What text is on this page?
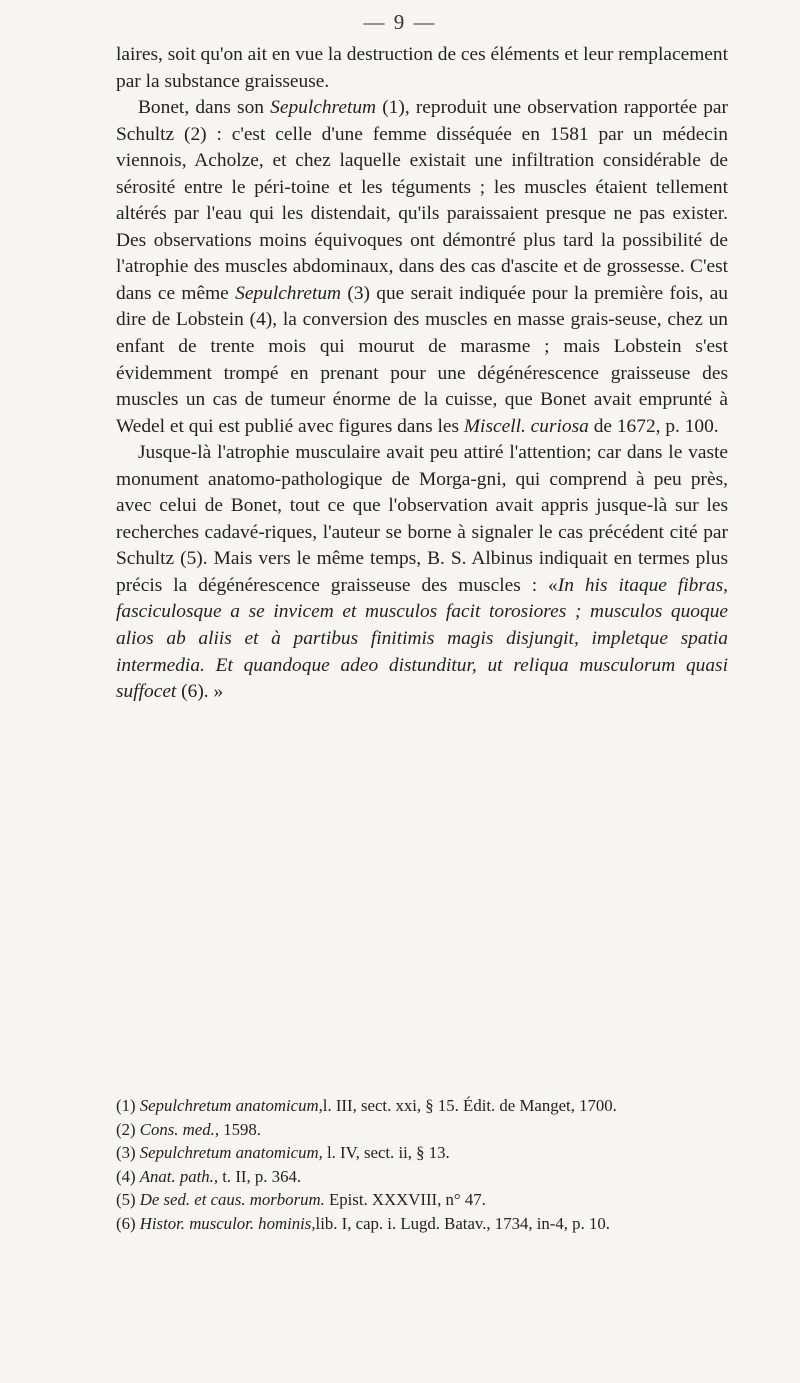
— 9 —

laires, soit qu'on ait en vue la destruction de ces éléments et leur remplacement par la substance graisseuse.

Bonet, dans son Sepulchretum (1), reproduit une observation rapportée par Schultz (2) : c'est celle d'une femme disséquée en 1581 par un médecin viennois, Acholze, et chez laquelle existait une infiltration considérable de sérosité entre le péri-toine et les téguments ; les muscles étaient tellement altérés par l'eau qui les distendait, qu'ils paraissaient presque ne pas exister. Des observations moins équivoques ont démontré plus tard la possibilité de l'atrophie des muscles abdominaux, dans des cas d'ascite et de grossesse. C'est dans ce même Sepulchretum (3) que serait indiquée pour la première fois, au dire de Lobstein (4), la conversion des muscles en masse grais-seuse, chez un enfant de trente mois qui mourut de marasme ; mais Lobstein s'est évidemment trompé en prenant pour une dégénérescence graisseuse des muscles un cas de tumeur énorme de la cuisse, que Bonet avait emprunté à Wedel et qui est publié avec figures dans les Miscell. curiosa de 1672, p. 100.

Jusque-là l'atrophie musculaire avait peu attiré l'attention; car dans le vaste monument anatomo-pathologique de Morga-gni, qui comprend à peu près, avec celui de Bonet, tout ce que l'observation avait appris jusque-là sur les recherches cadavé-riques, l'auteur se borne à signaler le cas précédent cité par Schultz (5). Mais vers le même temps, B. S. Albinus indiquait en termes plus précis la dégénérescence graisseuse des muscles : «In his itaque fibras, fasciculosque a se invicem et musculos facit torosiores ; musculos quoque alios ab aliis et à partibus finitimis magis disjungit, impletque spatia intermedia. Et quandoque adeo distunditur, ut reliqua musculorum quasi suffocet (6). »

(1) Sepulchretum anatomicum,l. III, sect. xxi, § 15. Édit. de Manget, 1700.

(2) Cons. med., 1598.

(3) Sepulchretum anatomicum, l. IV, sect. ii, § 13.

(4) Anat. path., t. II, p. 364.

(5) De sed. et caus. morborum. Epist. XXXVIII, n° 47.

(6) Histor. musculor. hominis,lib. I, cap. i. Lugd. Batav., 1734, in-4, p. 10.
